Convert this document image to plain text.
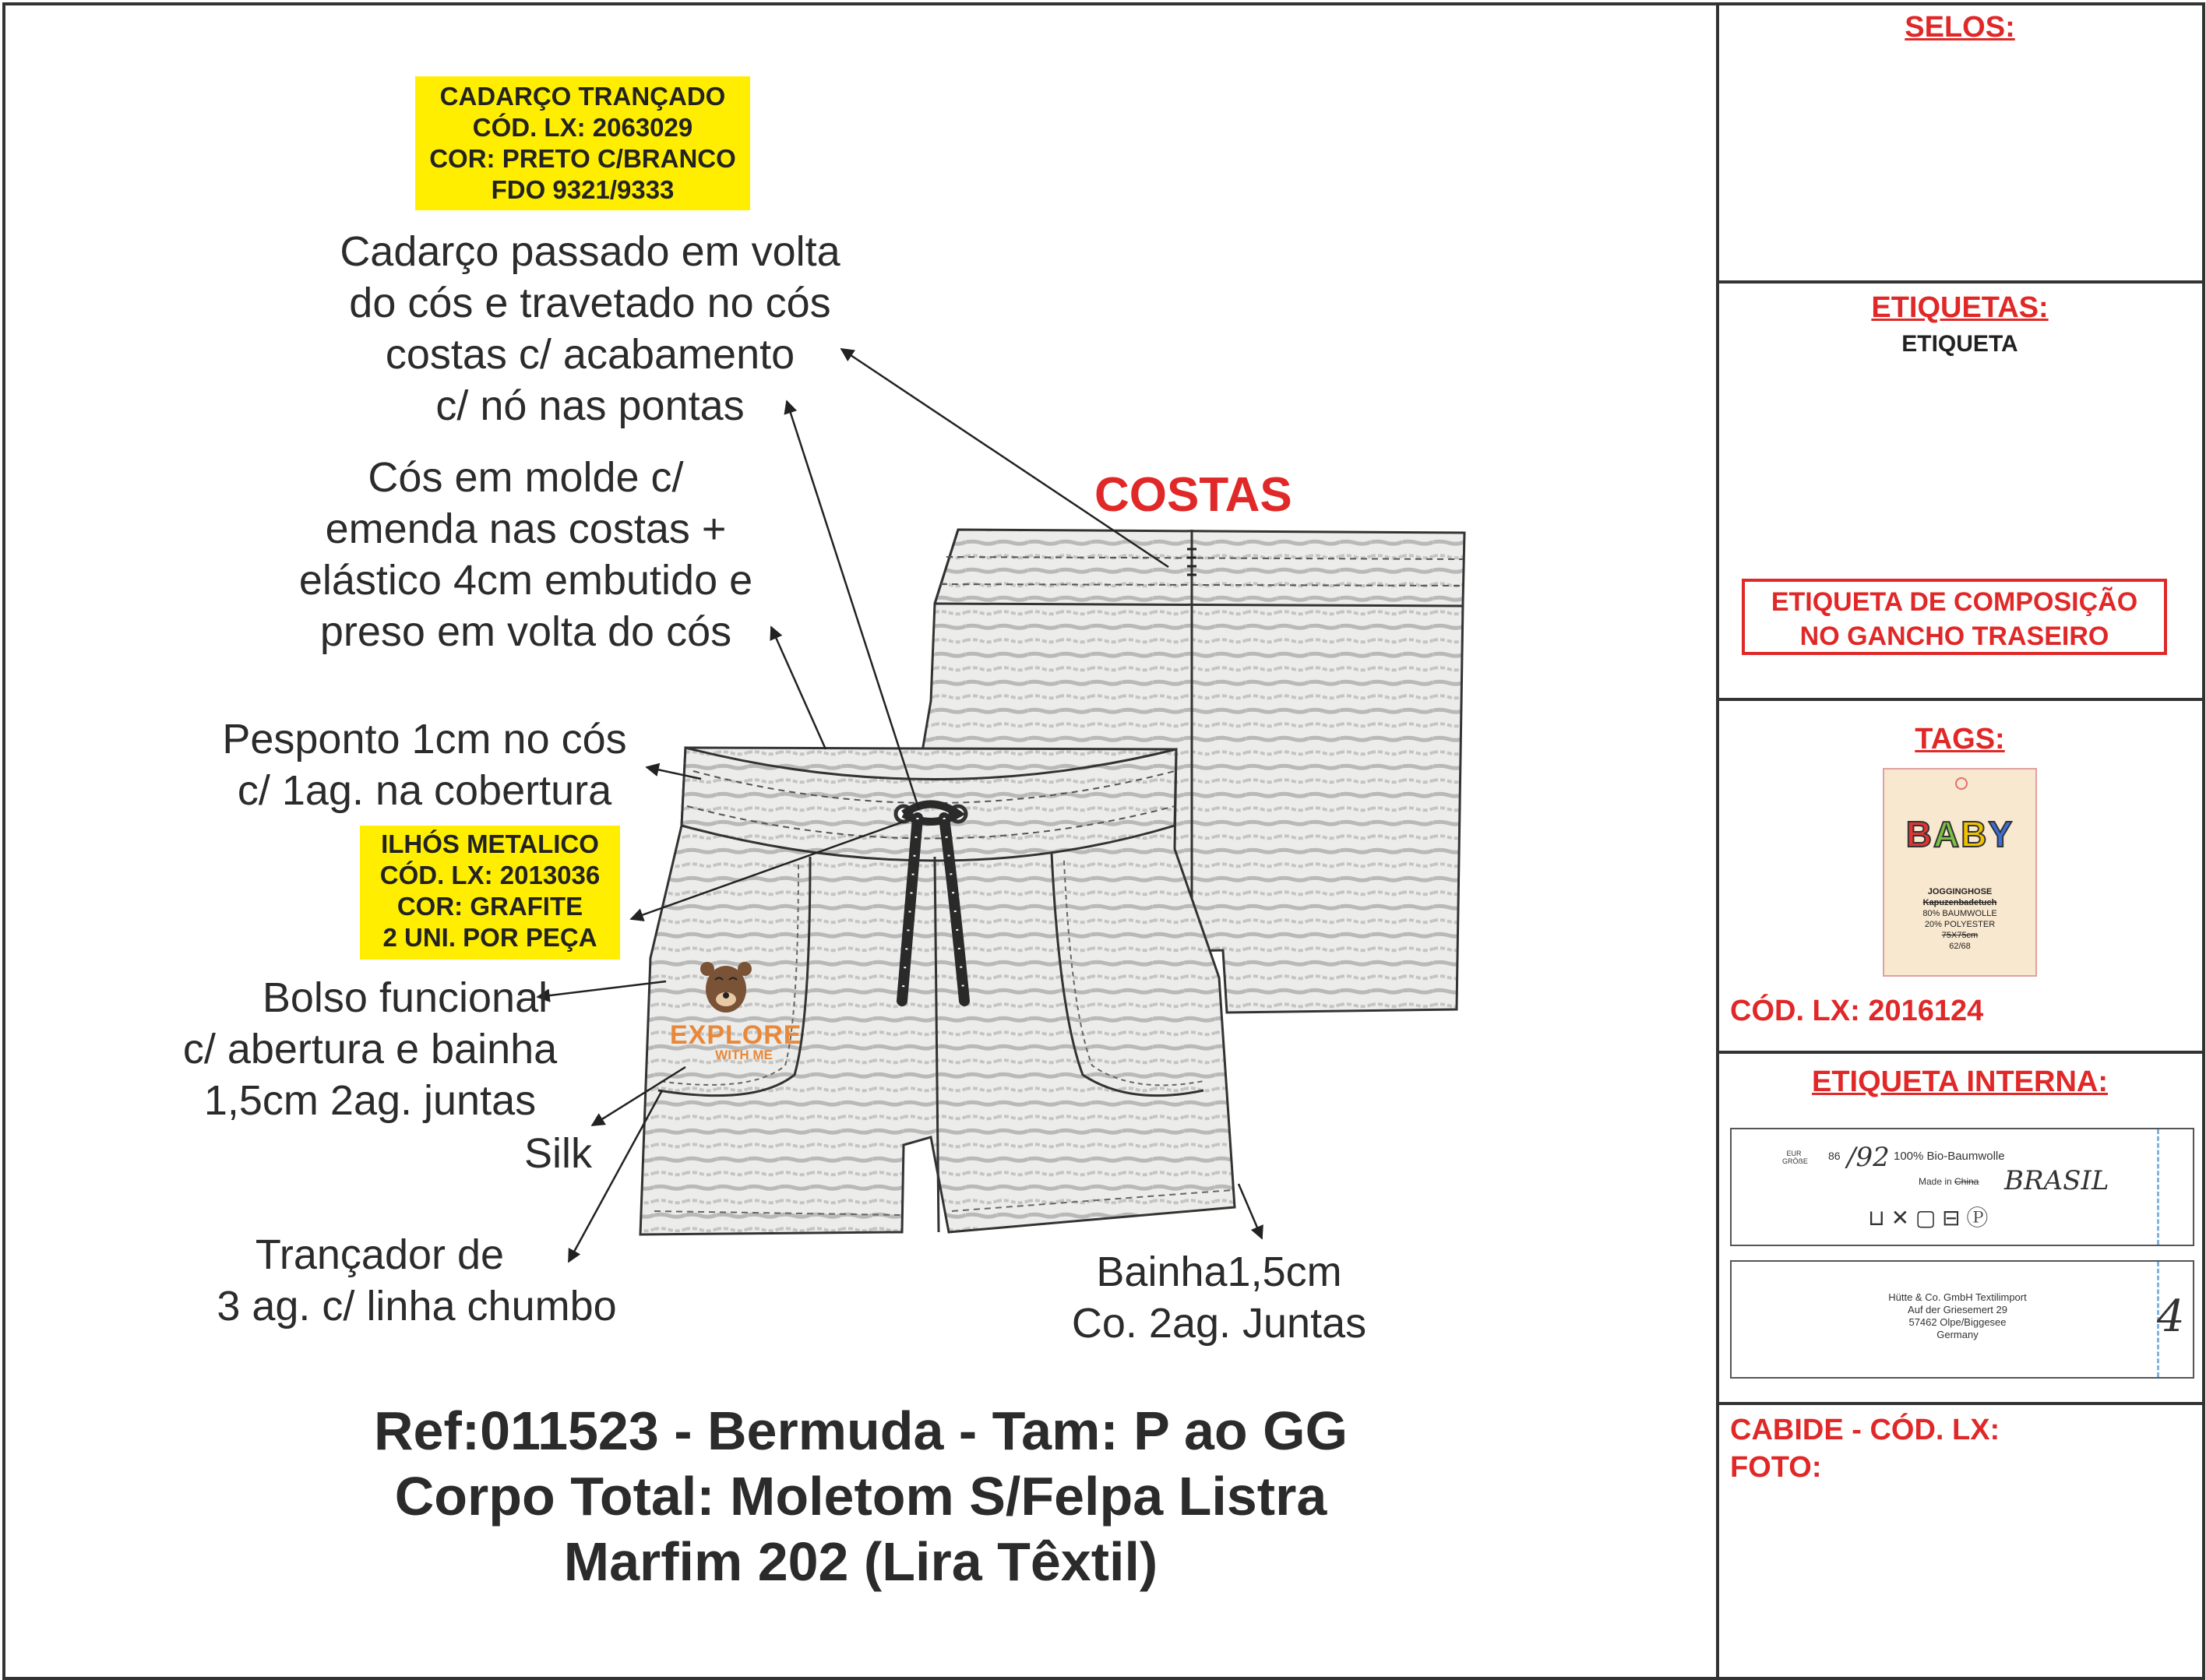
EXPLORE
WITH ME
CADARÇO TRANÇADO
CÓD. LX: 2063029
COR: PRETO C/BRANCO
FDO 9321/9333
Cadarço passado em volta
do cós e travetado no cós
costas c/ acabamento
c/ nó nas pontas
Cós em molde c/
emenda nas costas +
elástico 4cm embutido e
preso em volta do cós
Pesponto 1cm no cós
c/ 1ag. na cobertura
ILHÓS METALICO
CÓD. LX: 2013036
COR: GRAFITE
2 UNI. POR PEÇA
Bolso funcional
c/ abertura e bainha
1,5cm 2ag. juntas
Silk
Trançador de
3 ag. c/ linha chumbo
Bainha1,5cm
Co. 2ag. Juntas
COSTAS
Ref:011523 - Bermuda - Tam: P ao GG
Corpo Total: Moletom S/Felpa Listra
Marfim 202 (Lira Têxtil)
SELOS:
ETIQUETAS:
ETIQUETA
ETIQUETA DE COMPOSIÇÃO
NO GANCHO TRASEIRO
TAGS:
BABY
JOGGINGHOSE
Kapuzenbadetuch
80% BAUMWOLLE
20% POLYESTER
75X75cm
62/68
CÓD. LX: 2016124
ETIQUETA INTERNA:
EUR GRÖẞE 86 /92 100% Bio-Baumwolle
Made in China BRASIL
⊔ ✕ ▢ ⊟ Ⓟ
Hütte & Co. GmbH Textilimport
Auf der Griesemert 29
57462 Olpe/Biggesee
Germany	4
CABIDE - CÓD. LX:
FOTO:
